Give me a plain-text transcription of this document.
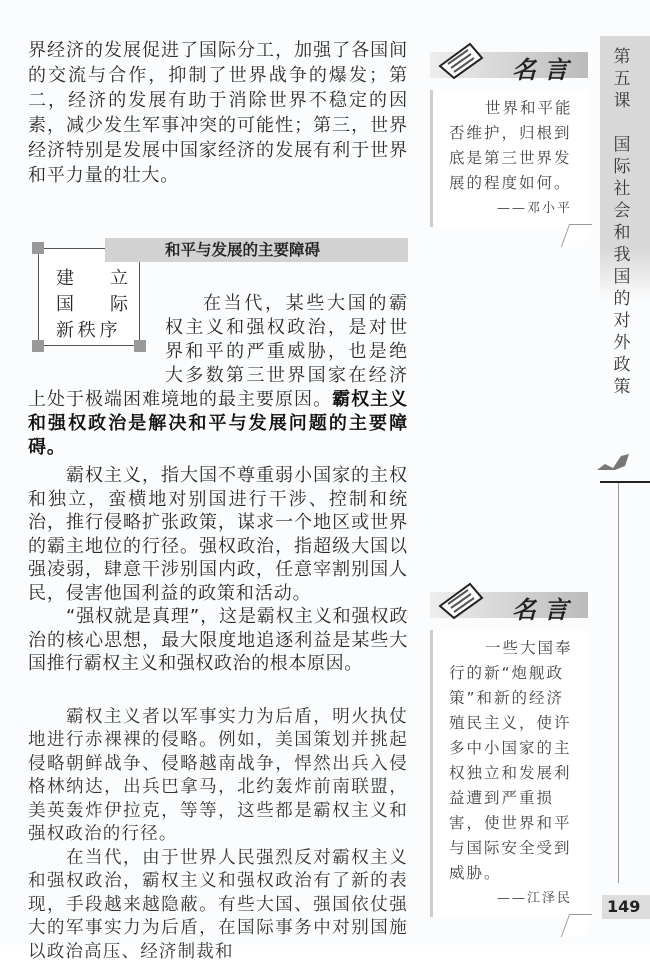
第
五
课
国
际
社
会
和
我
国
的
对
外
政
策

界经济的发展促进了国际分工，加强了各国间的交流与合作，抑制了世界战争的爆发；第二，经济的发展有助于消除世界不稳定的因素，减少发生军事冲突的可能性；第三，世界经济特别是发展中国家经济的发展有利于世界和平力量的壮大。

建 立
国 际
新 秩 序
和平与发展的主要障碍
在当代，某些大国的霸权主义和强权政治，是对世界和平的严重威胁，也是绝大多数第三世界国家在经济上处于极端困难境地的最主要原因。霸权主义和强权政治是解决和平与发展问题的主要障碍。

霸权主义，指大国不尊重弱小国家的主权和独立，蛮横地对别国进行干涉、控制和统治，推行侵略扩张政策，谋求一个地区或世界的霸主地位的行径。强权政治，指超级大国以强凌弱，肆意干涉别国内政，任意宰割别国人民，侵害他国利益的政策和活动。

“强权就是真理”，这是霸权主义和强权政治的核心思想，最大限度地追逐利益是某些大国推行霸权主义和强权政治的根本原因。

霸权主义者以军事实力为后盾，明火执仗地进行赤裸裸的侵略。例如，美国策划并挑起侵略朝鲜战争、侵略越南战争，悍然出兵入侵格林纳达，出兵巴拿马，北约轰炸前南联盟，美英轰炸伊拉克，等等，这些都是霸权主义和强权政治的行径。

在当代，由于世界人民强烈反对霸权主义和强权政治，霸权主义和强权政治有了新的表现，手段越来越隐蔽。有些大国、强国依仗强大的军事实力为后盾，在国际事务中对别国施以政治高压、经济制裁和

名言
世界和平能否维护，归根到底是第三世界发展的程度如何。
——邓小平
名言
一些大国奉行的新“炮舰政策”和新的经济殖民主义，使许多中小国家的主权独立和发展利益遭到严重损害，使世界和平与国际安全受到威胁。
——江泽民	149
